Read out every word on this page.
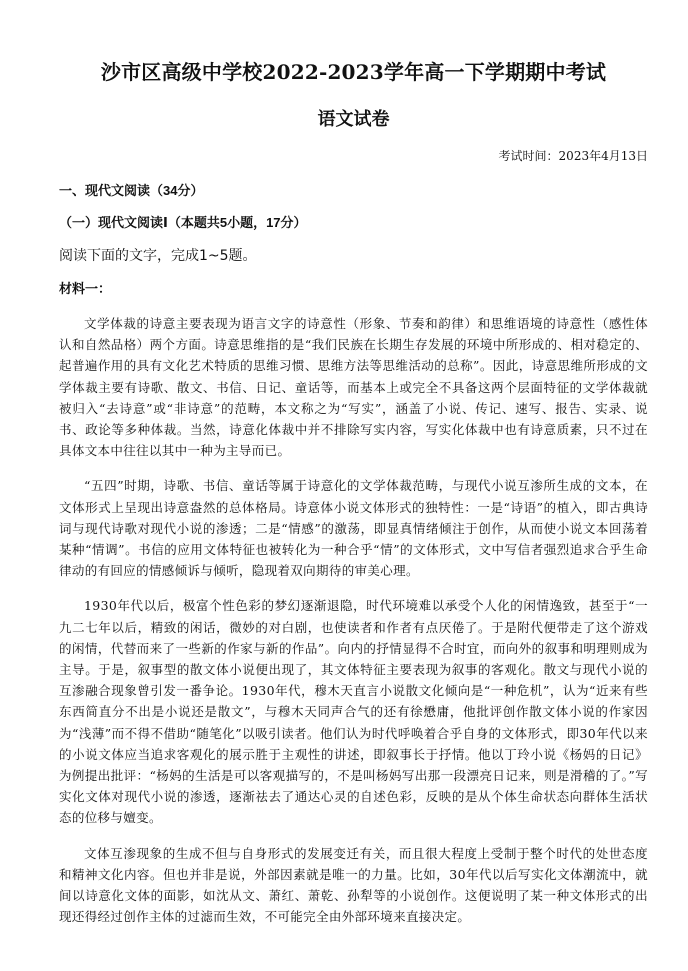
沙市区高级中学校2022-2023学年高一下学期期中考试
语文试卷

考试时间：2023年4月13日

一、现代文阅读（34分）

（一）现代文阅读Ⅰ（本题共5小题，17分）

阅读下面的文字，完成1~5题。

材料一：

文学体裁的诗意主要表现为语言文字的诗意性（形象、节奏和韵律）和思维语境的诗意性（感性体认和自然品格）两个方面。诗意思维指的是“我们民族在长期生存发展的环境中所形成的、相对稳定的、起普遍作用的具有文化艺术特质的思维习惯、思维方法等思维活动的总称”。因此，诗意思维所形成的文学体裁主要有诗歌、散文、书信、日记、童话等，而基本上或完全不具备这两个层面特征的文学体裁就被归入“去诗意”或“非诗意”的范畴，本文称之为“写实”，涵盖了小说、传记、速写、报告、实录、说书、政论等多种体裁。当然，诗意化体裁中并不排除写实内容，写实化体裁中也有诗意质素，只不过在具体文本中往往以其中一种为主导而已。

“五四”时期，诗歌、书信、童话等属于诗意化的文学体裁范畴，与现代小说互渗所生成的文本，在文体形式上呈现出诗意盎然的总体格局。诗意体小说文体形式的独特性：一是“诗语”的植入，即古典诗词与现代诗歌对现代小说的渗透；二是“情感”的激荡，即显真情绪倾注于创作，从而使小说文本回荡着某种“情调”。书信的应用文体特征也被转化为一种合乎“情”的文体形式，文中写信者强烈追求合乎生命律动的有回应的情感倾诉与倾听，隐现着双向期待的审美心理。

1930年代以后，极富个性色彩的梦幻逐渐退隐，时代环境难以承受个人化的闲情逸致，甚至于“一九二七年以后，精致的闲话，微妙的对白剧，也使读者和作者有点厌倦了。于是附代便带走了这个游戏的闲情，代替而来了一些新的作家与新的作品”。向内的抒情显得不合时宜，而向外的叙事和明理则成为主导。于是，叙事型的散文体小说便出现了，其文体特征主要表现为叙事的客观化。散文与现代小说的互渗融合现象曾引发一番争论。1930年代，穆木天直言小说散文化倾向是“一种危机”，认为“近来有些东西简直分不出是小说还是散文”，与穆木天同声合气的还有徐懋庸，他批评创作散文体小说的作家因为“浅薄”而不得不借助“随笔化”以吸引读者。他们认为时代呼唤着合乎自身的文体形式，即30年代以来的小说文体应当追求客观化的展示胜于主观性的讲述，即叙事长于抒情。他以丁玲小说《杨妈的日记》为例提出批评：“杨妈的生活是可以客观描写的，不是叫杨妈写出那一段漂亮日记来，则是滑稽的了。”写实化文体对现代小说的渗透，逐渐祛去了通达心灵的自述色彩，反映的是从个体生命状态向群体生活状态的位移与嬗变。

文体互渗现象的生成不但与自身形式的发展变迁有关，而且很大程度上受制于整个时代的处世态度和精神文化内容。但也并非是说，外部因素就是唯一的力量。比如，30年代以后写实化文体潮流中，就间以诗意化文体的面影，如沈从文、萧红、萧乾、孙犁等的小说创作。这便说明了某一种文体形式的出现还得经过创作主体的过滤而生效，不可能完全由外部环境来直接决定。
